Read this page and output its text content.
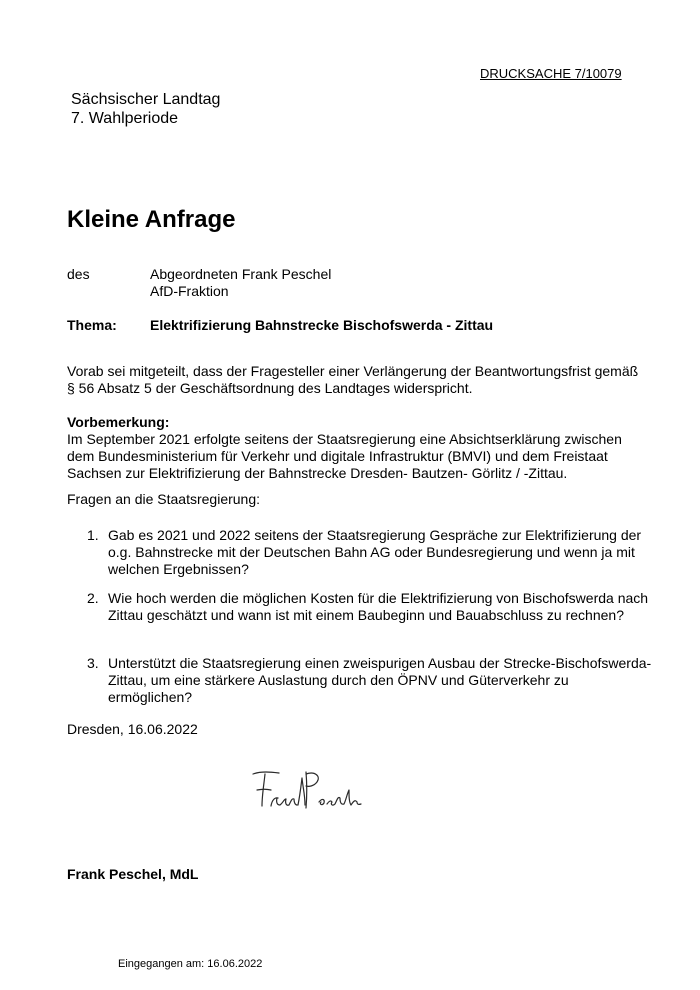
DRUCKSACHE 7/10079

Sächsischer Landtag
7. Wahlperiode
Kleine Anfrage

des	Abgeordneten Frank Peschel
AfD-Fraktion

Thema: Elektrifizierung Bahnstrecke Bischofswerda - Zittau

Vorab sei mitgeteilt, dass der Fragesteller einer Verlängerung der Beantwortungsfrist gemäß § 56 Absatz 5 der Geschäftsordnung des Landtages widerspricht.

Vorbemerkung:
Im September 2021 erfolgte seitens der Staatsregierung eine Absichtserklärung zwischen dem Bundesministerium für Verkehr und digitale Infrastruktur (BMVI) und dem Freistaat Sachsen zur Elektrifizierung der Bahnstrecke Dresden- Bautzen- Görlitz / -Zittau.

Fragen an die Staatsregierung:

1. Gab es 2021 und 2022 seitens der Staatsregierung Gespräche zur Elektrifizierung der o.g. Bahnstrecke mit der Deutschen Bahn AG oder Bundesregierung und wenn ja mit welchen Ergebnissen?

2. Wie hoch werden die möglichen Kosten für die Elektrifizierung von Bischofswerda nach Zittau geschätzt und wann ist mit einem Baubeginn und Bauabschluss zu rechnen?

3. Unterstützt die Staatsregierung einen zweispurigen Ausbau der Strecke-Bischofswerda-Zittau, um eine stärkere Auslastung durch den ÖPNV und Güterverkehr zu ermöglichen?

Dresden, 16.06.2022

Frank Peschel, MdL

Eingegangen am: 16.06.2022
